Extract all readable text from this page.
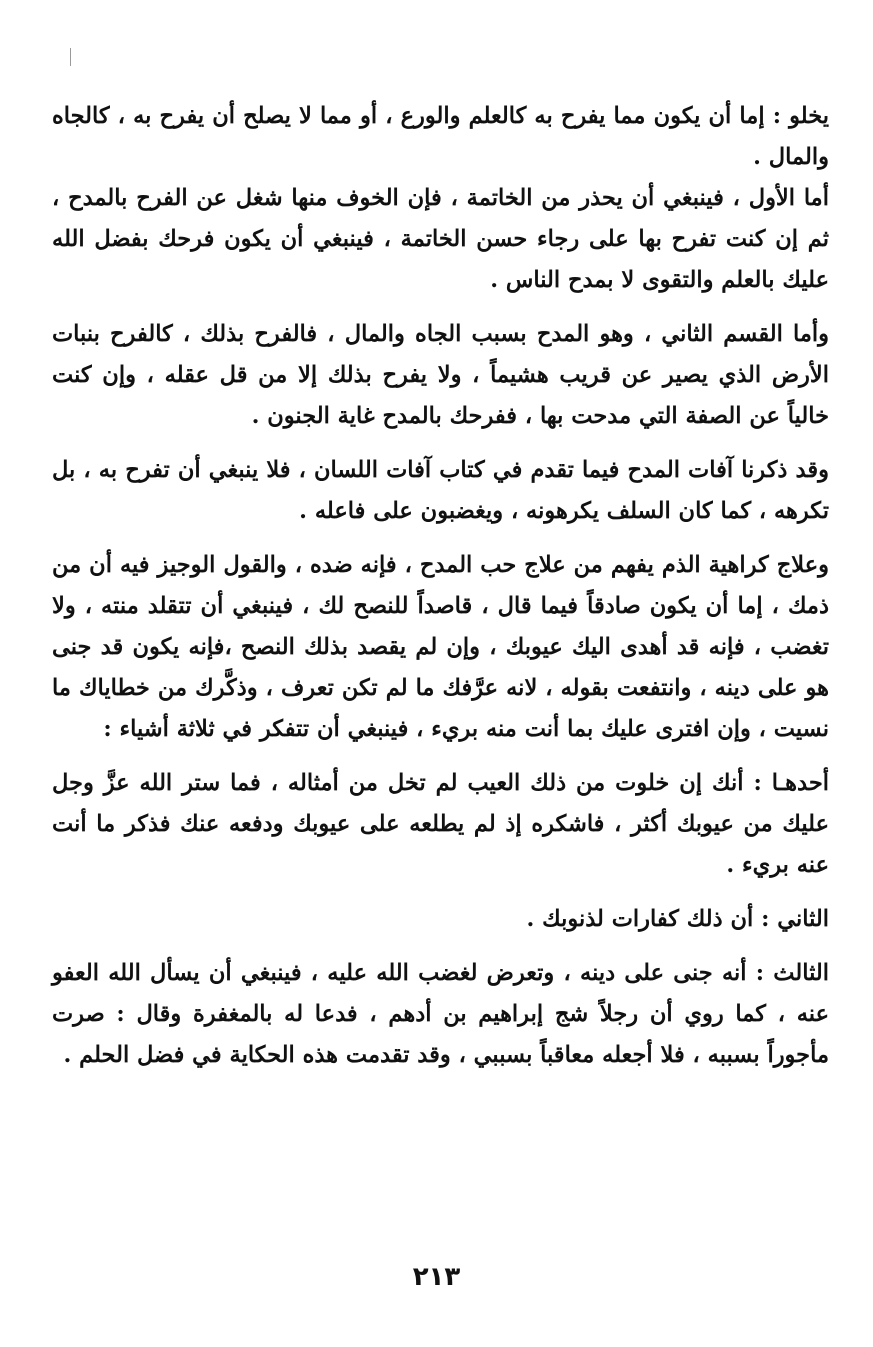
يخلو : إما أن يكون مما يفرح به كالعلم والورع ، أو مما لا يصلح أن يفرح به ، كالجاه والمال .

أما الأول ، فينبغي أن يحذر من الخاتمة ، فإن الخوف منها شغل عن الفرح بالمدح ، ثم إن كنت تفرح بها على رجاء حسن الخاتمة ، فينبغي أن يكون فرحك بفضل الله عليك بالعلم والتقوى لا بمدح الناس .

وأما القسم الثاني ، وهو المدح بسبب الجاه والمال ، فالفرح بذلك ، كالفرح بنبات الأرض الذي يصير عن قريب هشيماً ، ولا يفرح بذلك إلا من قل عقله ، وإن كنت خالياً عن الصفة التي مدحت بها ، ففرحك بالمدح غاية الجنون .

وقد ذكرنا آفات المدح فيما تقدم في كتاب آفات اللسان ، فلا ينبغي أن تفرح به ، بل تكرهه ، كما كان السلف يكرهونه ، ويغضبون على فاعله .

وعلاج كراهية الذم يفهم من علاج حب المدح ، فإنه ضده ، والقول الوجيز فيه أن من ذمك ، إما أن يكون صادقاً فيما قال ، قاصداً للنصح لك ، فينبغي أن تتقلد منته ، ولا تغضب ، فإنه قد أهدى اليك عيوبك ، وإن لم يقصد بذلك النصح ،فإنه يكون قد جنى هو على دينه ، وانتفعت بقوله ، لانه عرَّفك ما لم تكن تعرف ، وذكَّرك من خطاياك ما نسيت ، وإن افترى عليك بما أنت منه بريء ، فينبغي أن تتفكر في ثلاثة أشياء :

أحدهـا : أنك إن خلوت من ذلك العيب لم تخل من أمثاله ، فما ستر الله عزَّ وجل عليك من عيوبك أكثر ، فاشكره إذ لم يطلعه على عيوبك ودفعه عنك فذكر ما أنت عنه بريء .

الثاني : أن ذلك كفارات لذنوبك .

الثالث : أنه جنى على دينه ، وتعرض لغضب الله عليه ، فينبغي أن يسأل الله العفو عنه ، كما روي أن رجلاً شج إبراهيم بن أدهم ، فدعا له بالمغفرة وقال : صرت مأجوراً بسببه ، فلا أجعله معاقباً بسببي ، وقد تقدمت هذه الحكاية في فضل الحلم .

٢١٣
